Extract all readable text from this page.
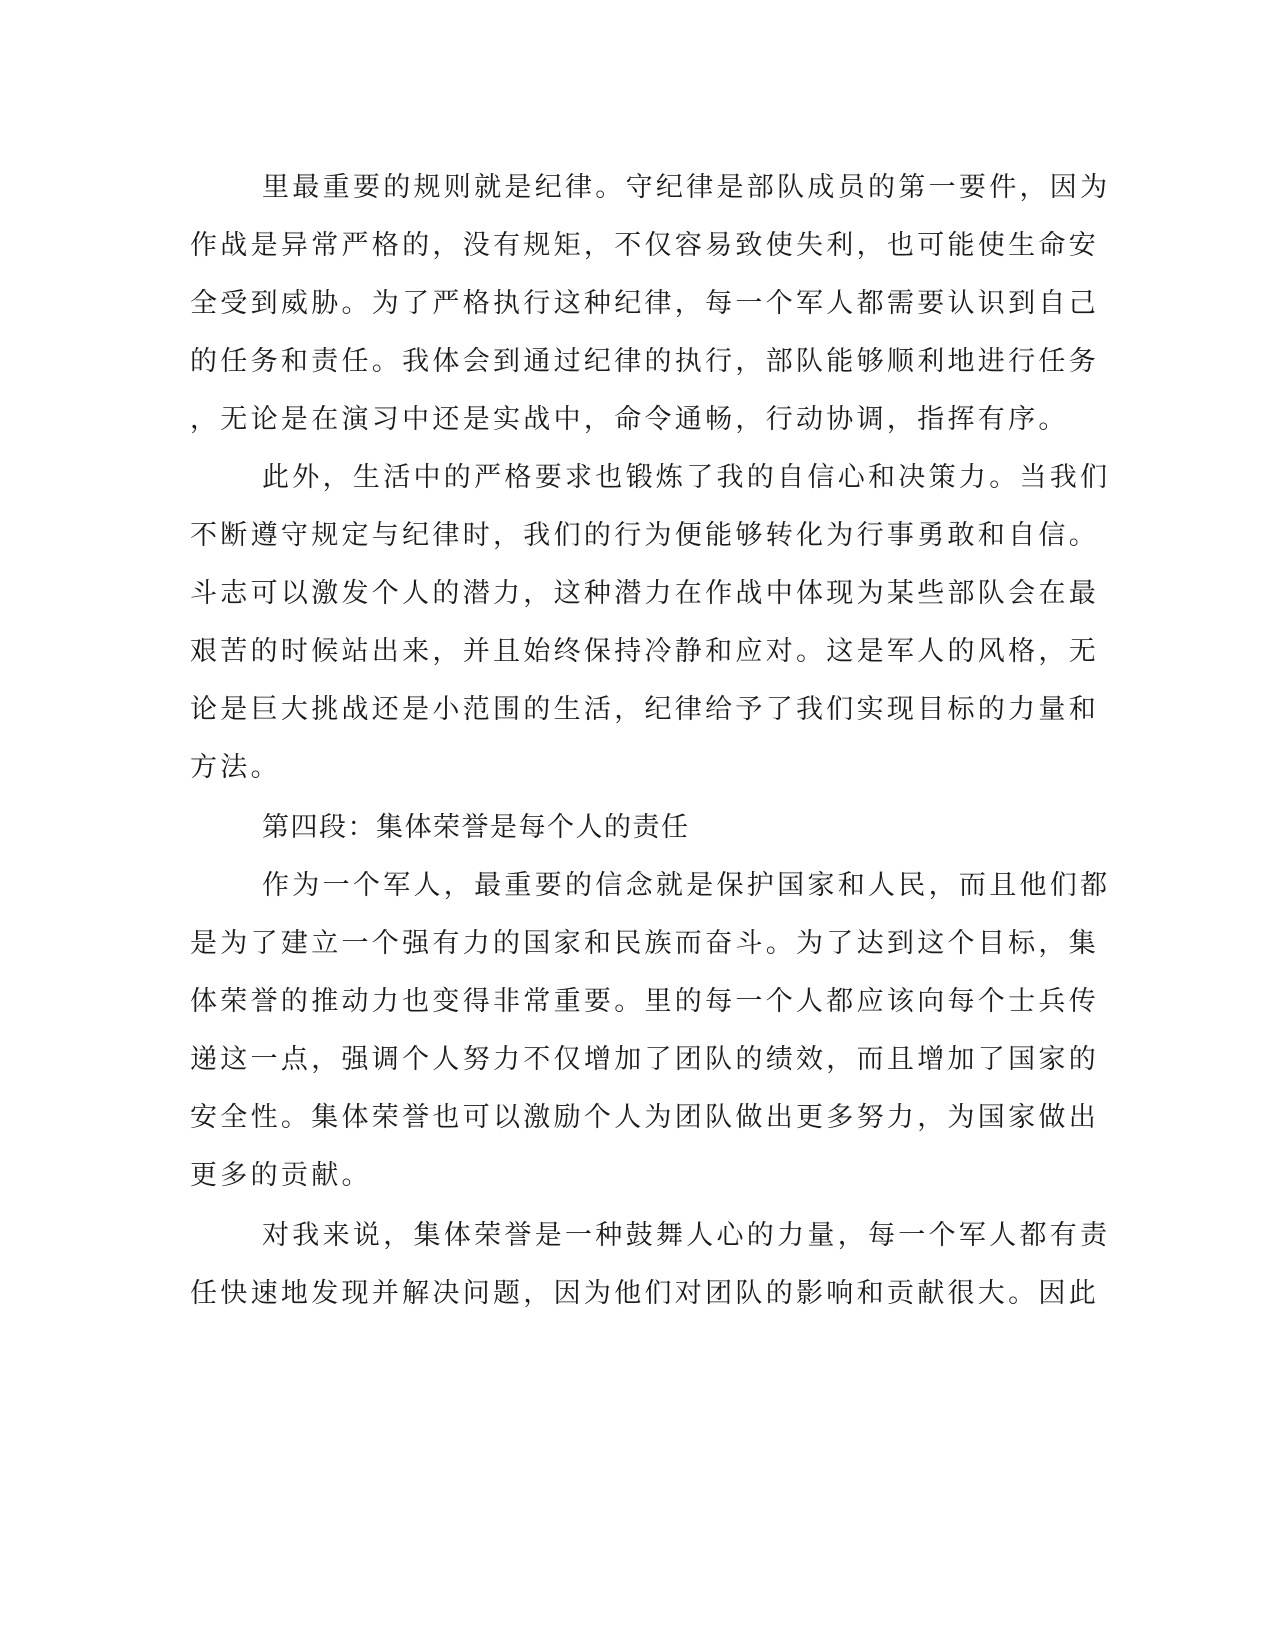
里最重要的规则就是纪律。守纪律是部队成员的第一要件，因为
作战是异常严格的，没有规矩，不仅容易致使失利，也可能使生命安
全受到威胁。为了严格执行这种纪律，每一个军人都需要认识到自己
的任务和责任。我体会到通过纪律的执行，部队能够顺利地进行任务
，无论是在演习中还是实战中，命令通畅，行动协调，指挥有序。
此外，生活中的严格要求也锻炼了我的自信心和决策力。当我们
不断遵守规定与纪律时，我们的行为便能够转化为行事勇敢和自信。
斗志可以激发个人的潜力，这种潜力在作战中体现为某些部队会在最
艰苦的时候站出来，并且始终保持冷静和应对。这是军人的风格，无
论是巨大挑战还是小范围的生活，纪律给予了我们实现目标的力量和
方法。
第四段：集体荣誉是每个人的责任
作为一个军人，最重要的信念就是保护国家和人民，而且他们都
是为了建立一个强有力的国家和民族而奋斗。为了达到这个目标，集
体荣誉的推动力也变得非常重要。里的每一个人都应该向每个士兵传
递这一点，强调个人努力不仅增加了团队的绩效，而且增加了国家的
安全性。集体荣誉也可以激励个人为团队做出更多努力，为国家做出
更多的贡献。
对我来说，集体荣誉是一种鼓舞人心的力量，每一个军人都有责
任快速地发现并解决问题，因为他们对团队的影响和贡献很大。因此
